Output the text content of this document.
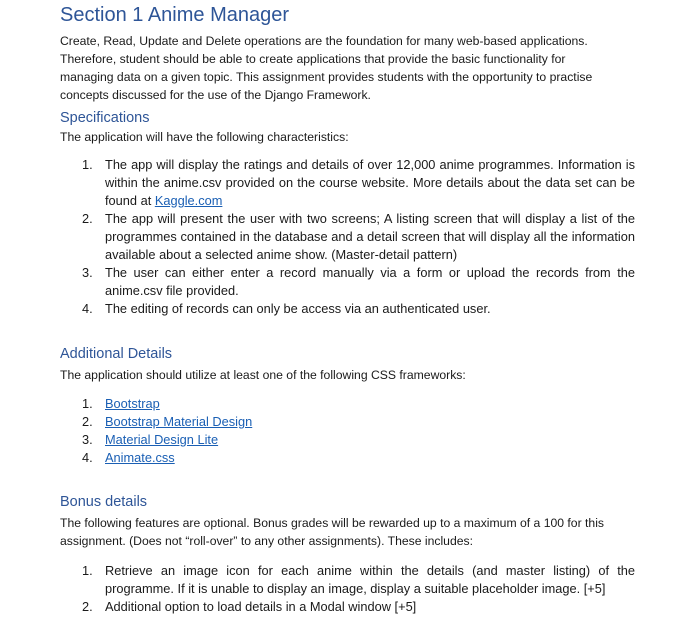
Section 1 Anime Manager

Create, Read, Update and Delete operations are the foundation for many web-based applications. Therefore, student should be able to create applications that provide the basic functionality for managing data on a given topic. This assignment provides students with the opportunity to practise concepts discussed for the use of the Django Framework.

Specifications

The application will have the following characteristics:

1. The app will display the ratings and details of over 12,000 anime programmes. Information is within the anime.csv provided on the course website. More details about the data set can be found at Kaggle.com
2. The app will present the user with two screens; A listing screen that will display a list of the programmes contained in the database and a detail screen that will display all the information available about a selected anime show. (Master-detail pattern)
3. The user can either enter a record manually via a form or upload the records from the anime.csv file provided.
4. The editing of records can only be access via an authenticated user.
Additional Details

The application should utilize at least one of the following CSS frameworks:

1. Bootstrap
2. Bootstrap Material Design
3. Material Design Lite
4. Animate.css
Bonus details

The following features are optional. Bonus grades will be rewarded up to a maximum of a 100 for this assignment. (Does not “roll-over” to any other assignments). These includes:

1. Retrieve an image icon for each anime within the details (and master listing) of the programme. If it is unable to display an image, display a suitable placeholder image. [+5]
2. Additional option to load details in a Modal window [+5]
